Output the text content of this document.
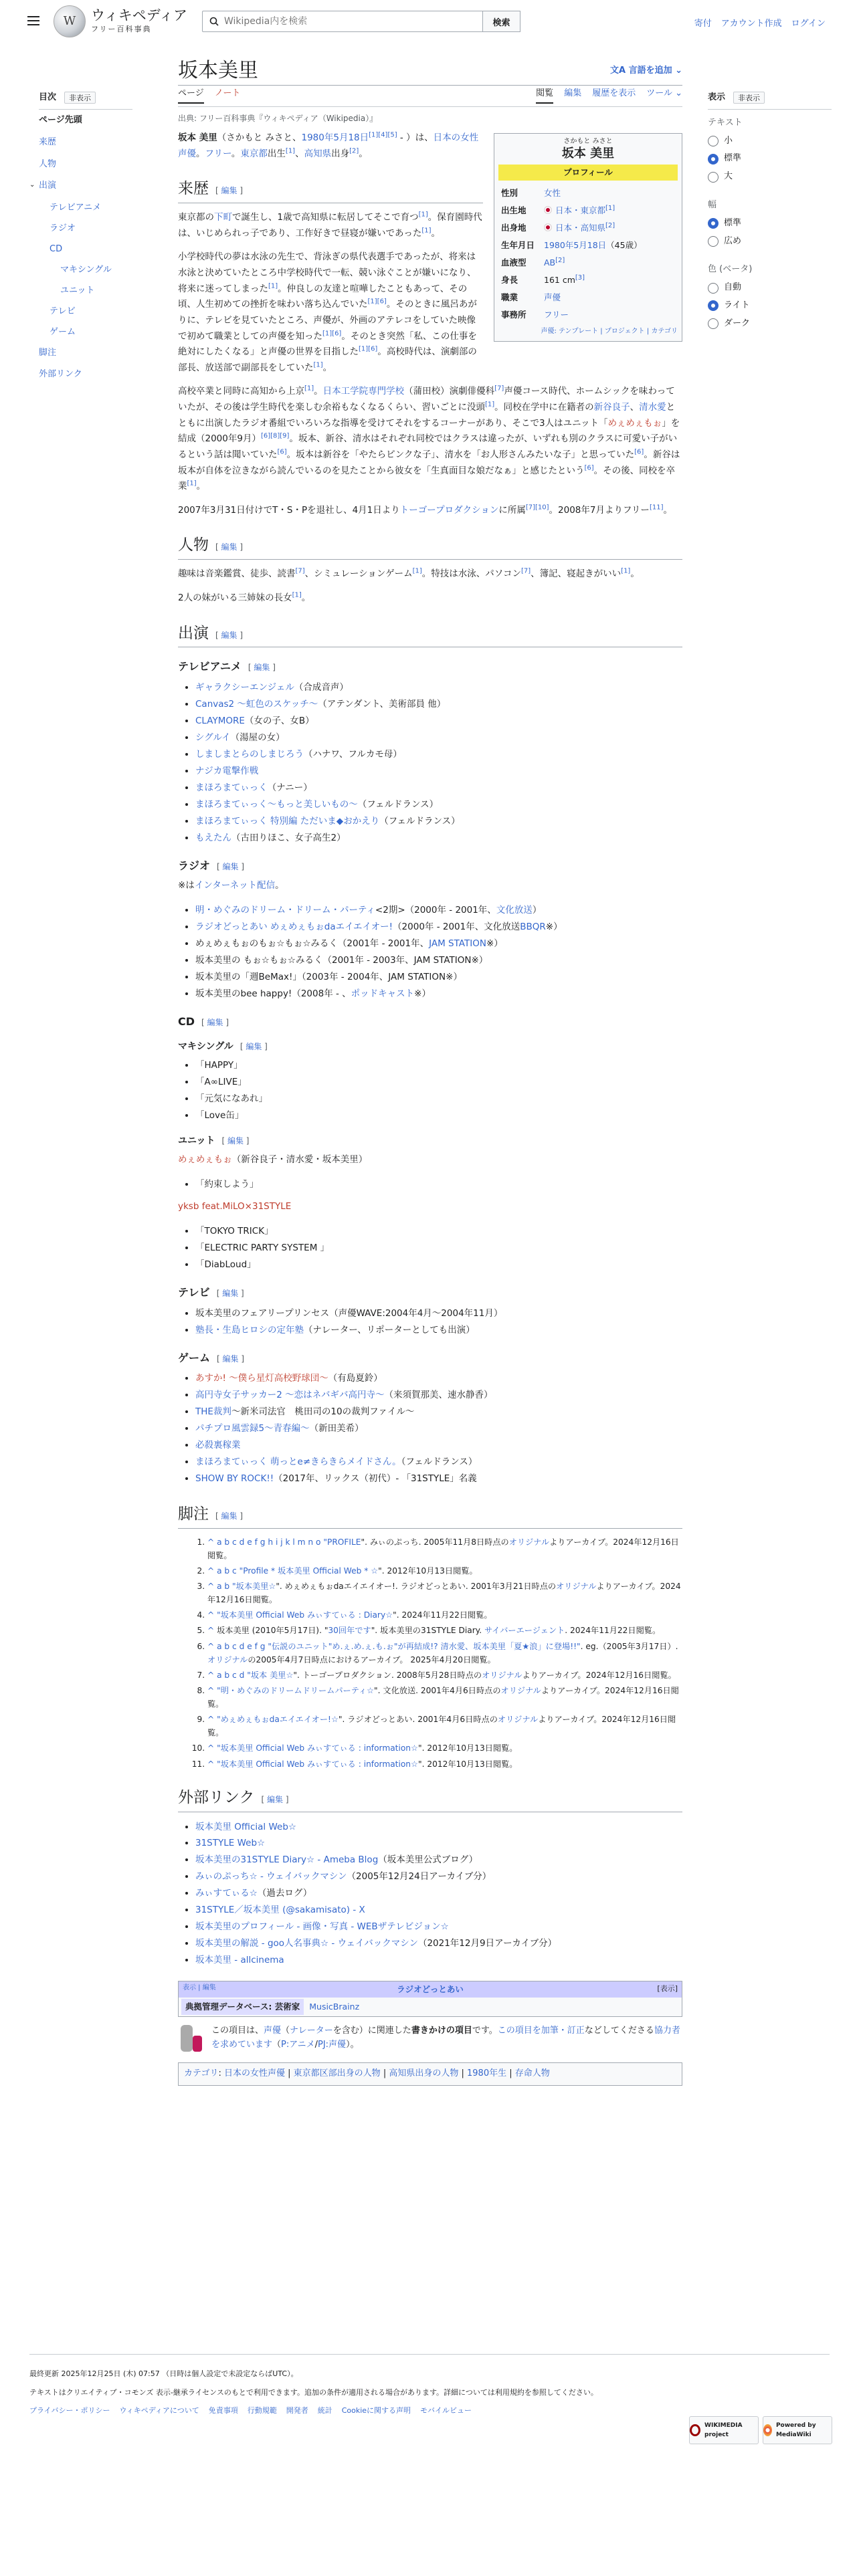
W	ウィキペディア
フリー百科事典
Wikipedia内を検索
検索	寄付 アカウント作成 ログイン
目次	非表示
ページ先頭
来歴
人物
⌄ 出演
テレビアニメ
ラジオ
CD
マキシングル
ユニット
テレビ
ゲーム
脚注
外部リンク
表示	非表示
テキスト
小
標準
大
幅
標準
広め
色 (ベータ)
自動
ライト
ダーク
坂本美里	文A 言語を追加 ⌄
ページ ノート	閲覧 編集 履歴を表示 ツール ⌄
出典: フリー百科事典『ウィキペディア（Wikipedia）』
さかもと みさと
坂本 美里
プロフィール
性別	女性
出生地	日本・東京都[1]
出身地	日本・高知県[2]
生年月日	1980年5月18日（45歳）
血液型	AB[2]
身長	161 cm[3]
職業	声優
事務所	フリー
声優: テンプレート | プロジェクト | カテゴリ

坂本 美里（さかもと みさと、1980年5月18日[1][4][5] - ）は、日本の女性声優。フリー。東京都出生[1]、高知県出身[2]。

来歴 [ 編集 ]

東京都の下町で誕生し、1歳で高知県に転居してそこで育つ[1]。保育園時代は、いじめられっ子であり、工作好きで昼寝が嫌いであった[1]。

小学校時代の夢は水泳の先生で、背泳ぎの県代表選手であったが、将来は水泳と決めていたところ中学校時代で一転、競い泳ぐことが嫌いになり、将来に迷ってしまった[1]。仲良しの友達と喧嘩したこともあって、その頃、人生初めての挫折を味わい落ち込んでいた[1][6]。そのときに風呂あがりに、テレビを見ていたところ、声優が、外画のアテレコをしていた映像で初めて職業としての声優を知った[1][6]。そのとき突然「私、この仕事を絶対にしたくなる」と声優の世界を目指した[1][6]。高校時代は、演劇部の部長、放送部で副部長をしていた[1]。

高校卒業と同時に高知から上京[1]。日本工学院専門学校（蒲田校）演劇俳優科[7]声優コース時代、ホームシックを味わっていたが、その後は学生時代を楽しむ余裕もなくなるくらい、習いごとに没頭[1]。同校在学中に在籍者の新谷良子、清水愛とともに出演したラジオ番組でいろいろな指導を受けてそれをするコーナーがあり、そこで3人はユニット「めぇめぇもぉ」を結成（2000年9月）[6][8][9]。坂本、新谷、清水はそれぞれ同校ではクラスは違ったが、いずれも別のクラスに可愛い子がいるという話は聞いていた[6]。坂本は新谷を「やたらピンクな子」、清水を「お人形さんみたいな子」と思っていた[6]。新谷は坂本が自体を泣きながら読んでいるのを見たことから彼女を「生真面目な娘だなぁ」と感じたという[6]。その後、同校を卒業[1]。

2007年3月31日付けでT・S・Pを退社し、4月1日よりトーゴープロダクションに所属[7][10]。2008年7月よりフリー[11]。

人物 [ 編集 ]

趣味は音楽鑑賞、徒歩、読書[7]、シミュレーションゲーム[1]。特技は水泳、パソコン[7]、簿記、寝起きがいい[1]。

2人の妹がいる三姉妹の長女[1]。

出演 [ 編集 ]
テレビアニメ [ 編集 ]
• ギャラクシーエンジェル（合成音声）
• Canvas2 〜虹色のスケッチ〜（アテンダント、美術部員 他）
• CLAYMORE（女の子、女B）
• シグルイ（湯屋の女）
• しましまとらのしまじろう（ハナワ、フルカモ母）
• ナジカ電撃作戦
• まほろまてぃっく（ナニー）
• まほろまてぃっく〜もっと美しいもの〜（フェルドランス）
• まほろまてぃっく 特別編 ただいま◆おかえり（フェルドランス）
• もえたん（古田りほこ、女子高生2）
ラジオ [ 編集 ]

※はインターネット配信。

• 明・めぐみのドリーム・ドリーム・パーティ<2期>（2000年 - 2001年、文化放送）
• ラジオどっとあい めぇめぇもぉdaエイエイオー!（2000年 - 2001年、文化放送BBQR※）
• めぇめぇもぉのもぉ☆もぉ☆みるく（2001年 - 2001年、JAM STATION※）
• 坂本美里の もぉ☆もぉ☆みるく（2001年 - 2003年、JAM STATION※）
• 坂本美里の「週BeMax!」（2003年 - 2004年、JAM STATION※）
• 坂本美里のbee happy!（2008年 - 、ポッドキャスト※）
CD [ 編集 ]
マキシングル [ 編集 ]
• 「HAPPY」
• 「A∞LIVE」
• 「元気になあれ」
• 「Love缶」
ユニット [ 編集 ]

めぇめぇもぉ（新谷良子・清水愛・坂本美里）

• 「約束しよう」

yksb feat.MiLO×31STYLE

• 「TOKYO TRICK」
• 「ELECTRIC PARTY SYSTEM 」
• 「DiabLoud」
テレビ [ 編集 ]
• 坂本美里のフェアリープリンセス（声優WAVE:2004年4月〜2004年11月）
• 塾長・生島ヒロシの定年塾（ナレーター、リポーターとしても出演）
ゲーム [ 編集 ]
• あすか! 〜僕ら星灯高校野球団〜（有島夏鈴）
• 高円寺女子サッカー2 〜恋はネバギバ高円寺〜（来須賀那美、速水静香）
• THE裁判〜新米司法官　桃田司の10の裁判ファイル〜
• パチプロ風雲録5〜青春編〜（新田美希）
• 必殺裏稼業
• まほろまてぃっく 萌っとe≠きらきらメイドさん。（フェルドランス）
• SHOW BY ROCK!!（2017年、リックス（初代）- 「31STYLE」名義
脚注 [ 編集 ]
1. ^ a b c d e f g h i j k l m n o "PROFILE". みぃのぷっち. 2005年11月8日時点のオリジナルよりアーカイブ。2024年12月16日閲覧。
2. ^ a b c "Profile * 坂本美里 Official Web * ☆". 2012年10月13日閲覧。
3. ^ a b "坂本美里☆". めぇめぇもぉdaエイエイオー!. ラジオどっとあい. 2001年3月21日時点のオリジナルよりアーカイブ。2024年12月16日閲覧。
4. ^ "坂本美里 Official Web みぃすてぃる : Diary☆". 2024年11月22日閲覧。
5. ^ 坂本美里 (2010年5月17日). "30回年です". 坂本美里の31STYLE Diary. サイバーエージェント. 2024年11月22日閲覧。
6. ^ a b c d e f g "伝説のユニット"め.ぇ.め.ぇ.も.ぉ"が再結成!? 清水愛、坂本美里「夏★浪」に登場!!". eg.（2005年3月17日）. オリジナルの2005年4月7日時点におけるアーカイブ。 2025年4月20日閲覧。
7. ^ a b c d "坂本 美里☆". トーゴープロダクション. 2008年5月28日時点のオリジナルよりアーカイブ。2024年12月16日閲覧。
8. ^ "明・めぐみのドリームドリームパーティ☆". 文化放送. 2001年4月6日時点のオリジナルよりアーカイブ。2024年12月16日閲覧。
9. ^ "めぇめぇもぉdaエイエイオー!☆". ラジオどっとあい. 2001年4月6日時点のオリジナルよりアーカイブ。2024年12月16日閲覧。
10. ^ "坂本美里 Official Web みぃすてぃる : information☆". 2012年10月13日閲覧。
11. ^ "坂本美里 Official Web みぃすてぃる : information☆". 2012年10月13日閲覧。
外部リンク [ 編集 ]
• 坂本美里 Official Web☆
• 31STYLE Web☆
• 坂本美里の31STYLE Diary☆ - Ameba Blog（坂本美里公式ブログ）
• みぃのぷっち☆ - ウェイバックマシン（2005年12月24日アーカイブ分）
• みぃすてぃる☆（過去ログ）
• 31STYLE／坂本美里 (@sakamisato) - X
• 坂本美里のプロフィール - 画像・写真 - WEBザテレビジョン☆
• 坂本美里の解説 - goo人名事典☆ - ウェイバックマシン（2021年12月9日アーカイブ分）
• 坂本美里 - allcinema
表示 | 編集	ラジオどっとあい	[表示]
典拠管理データベース: 芸術家	MusicBrainz
この項目は、声優（ナレーターを含む）に関連した書きかけの項目です。この項目を加筆・訂正などしてくださる協力者を求めています（P:アニメ/PJ:声優）。
カテゴリ: 日本の女性声優 | 東京都区部出身の人物 | 高知県出身の人物 | 1980年生 | 存命人物

最終更新 2025年12月25日 (木) 07:57 （日時は個人設定で未設定ならばUTC）。

テキストはクリエイティブ・コモンズ 表示-継承ライセンスのもとで利用できます。追加の条件が適用される場合があります。詳細については利用規約を参照してください。

プライバシー・ポリシー ウィキペディアについて 免責事項 行動規範 開発者 統計 Cookieに関する声明 モバイルビュー
WIKIMEDIA project
Powered by MediaWiki
